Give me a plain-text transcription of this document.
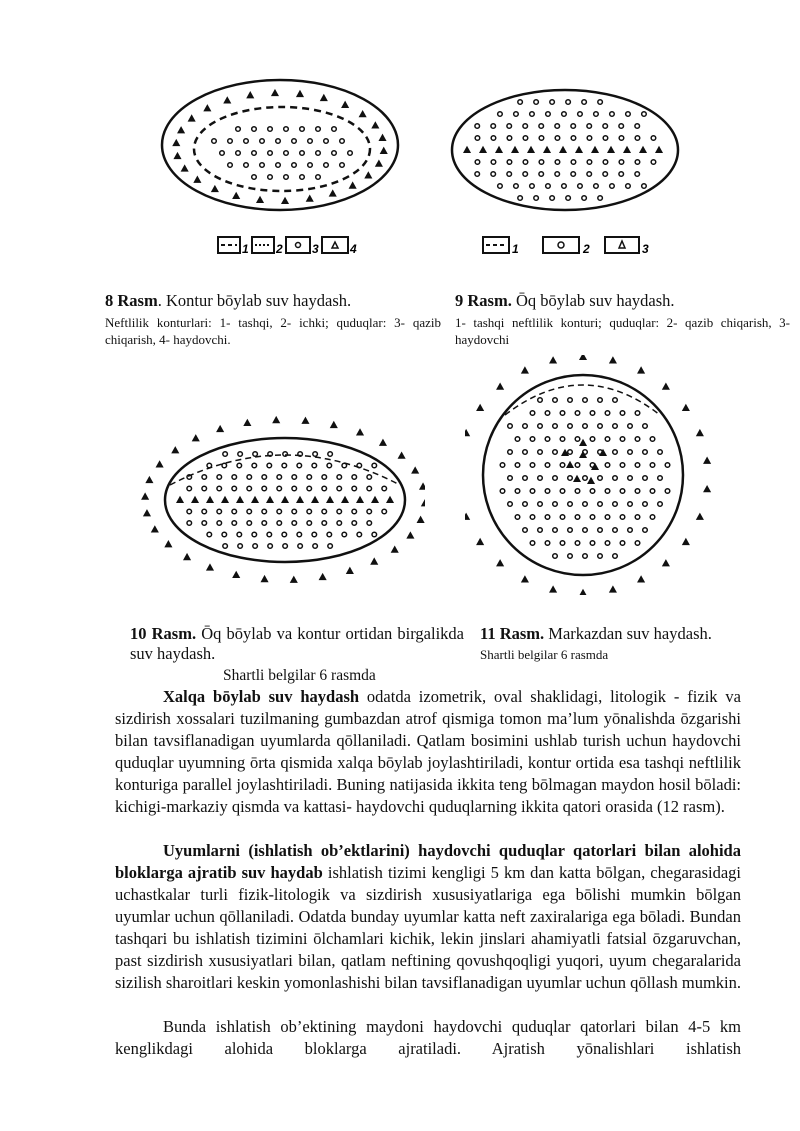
1 2 3	4	1	2	3
8 Rasm. Kontur bōylab suv haydash.
Neftlilik konturlari: 1- tashqi, 2- ichki; quduqlar: 3- qazib chiqarish, 4- haydovchi.
9 Rasm. Ōq bōylab suv haydash.
1- tashqi neftlilik konturi; quduqlar: 2- qazib chiqarish, 3- haydovchi
10 Rasm. Ōq bōylab va kontur ortidan birgalikda suv haydash.
Shartli belgilar 6 rasmda
11 Rasm. Markazdan suv haydash.
Shartli belgilar 6 rasmda
Xalqa bōylab suv haydash odatda izometrik, oval shaklidagi, litologik - fizik va sizdirish xossalari tuzilmaning gumbazdan atrof qismiga tomon ma’lum yōnalishda ōzgarishi bilan tavsiflanadigan uyumlarda qōllaniladi. Qatlam bosimini ushlab turish uchun haydovchi quduqlar uyumning ōrta qismida xalqa bōylab joylashtiriladi, kontur ortida esa tashqi neftlilik konturiga parallel joylashtiriladi. Buning natijasida ikkita teng bōlmagan maydon hosil bōladi: kichigi-markaziy qismda va kattasi- haydovchi quduqlarning ikkita qatori orasida (12 rasm).
Uyumlarni (ishlatish ob’ektlarini) haydovchi quduqlar qatorlari bilan alohida bloklarga ajratib suv haydab ishlatish tizimi kengligi 5 km dan katta bōlgan, chegarasidagi uchastkalar turli fizik-litologik va sizdirish xususiyatlariga ega bōlishi mumkin bōlgan uyumlar uchun qōllaniladi. Odatda bunday uyumlar katta neft zaxiralariga ega bōladi. Bundan tashqari bu ishlatish tizimini ōlchamlari kichik, lekin jinslari ahamiyatli fatsial ōzgaruvchan, past sizdirish xususiyatlari bilan, qatlam neftining qovushqoqligi yuqori, uyum chegaralarida sizilish sharoitlari keskin yomonlashishi bilan tavsiflanadigan uyumlar uchun qōllash mumkin.
Bunda ishlatish ob’ektining maydoni haydovchi quduqlar qatorlari bilan 4-5 km kenglikdagi alohida bloklarga ajratiladi. Ajratish yōnalishlari ishlatish
